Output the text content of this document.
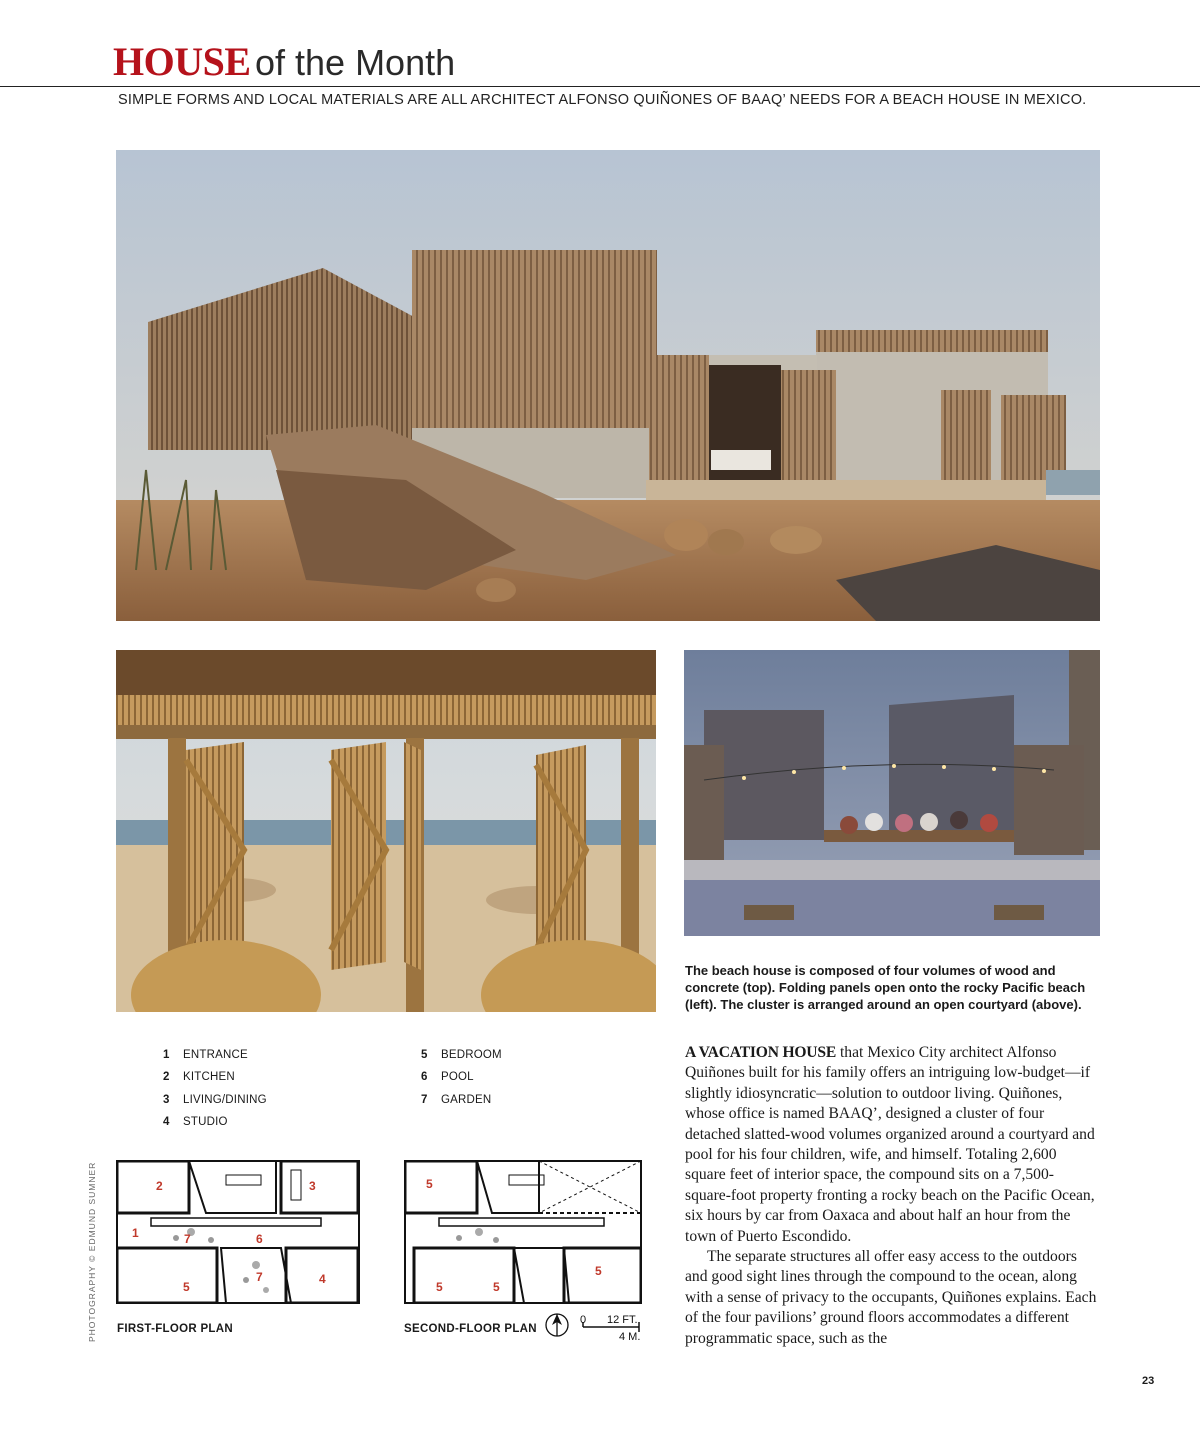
HOUSE of the Month
SIMPLE FORMS AND LOCAL MATERIALS ARE ALL ARCHITECT ALFONSO QUIÑONES OF BAAQ’ NEEDS FOR A BEACH HOUSE IN MEXICO.
The beach house is composed of four volumes of wood and concrete (top). Folding panels open onto the rocky Pacific beach (left). The cluster is arranged around an open courtyard (above).
1 ENTRANCE
2 KITCHEN
3 LIVING/DINING
4 STUDIO
5 BEDROOM
6 POOL
7 GARDEN
2	3
1	7	6
5
7	4
FIRST-FLOOR PLAN
5
5	5
5
SECOND-FLOOR PLAN
0 12 FT.
4 M.
PHOTOGRAPHY © EDMUND SUMNER

A VACATION HOUSE that Mexico City architect Alfonso Quiñones built for his family offers an intriguing low-budget—if slightly idiosyncratic—solution to outdoor living. Quiñones, whose office is named BAAQ’, designed a cluster of four detached slatted-wood volumes organized around a courtyard and pool for his four children, wife, and himself. Totaling 2,600 square feet of interior space, the compound sits on a 7,500-square-foot property fronting a rocky beach on the Pacific Ocean, six hours by car from Oaxaca and about half an hour from the town of Puerto Escondido.

The separate structures all offer easy access to the outdoors and good sight lines through the compound to the ocean, along with a sense of privacy to the occupants, Quiñones explains. Each of the four pavilions’ ground floors accommodates a different programmatic space, such as the

23
